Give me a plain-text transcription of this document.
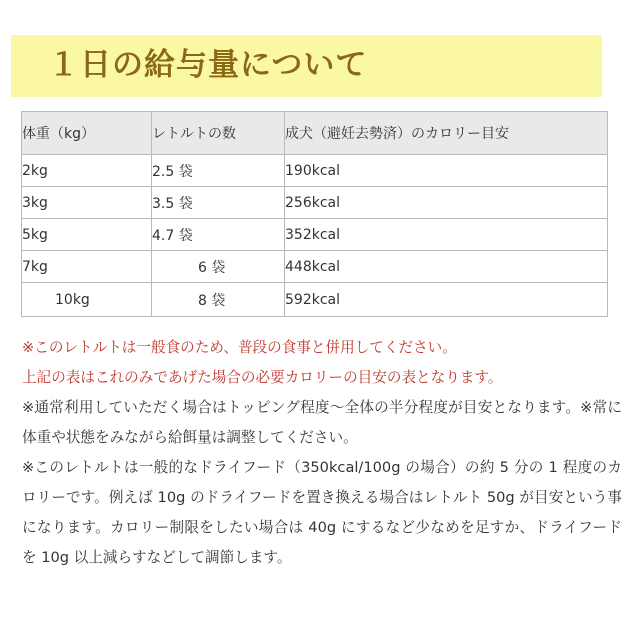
１日の給与量について
体重（kg）	レトルトの数	成犬（避妊去勢済）のカロリー目安
2kg	2.5 袋	190kcal
3kg	3.5 袋	256kcal
5kg	4.7 袋	352kcal
7kg	6 袋	448kcal
10kg	8 袋	592kcal

※このレトルトは一般食のため、普段の食事と併用してください。

上記の表はこれのみであげた場合の必要カロリーの目安の表となります。

※通常利用していただく場合はトッピング程度〜全体の半分程度が目安となります。※常に体重や状態をみながら給餌量は調整してください。

※このレトルトは一般的なドライフード（350kcal/100g の場合）の約 5 分の 1 程度のカロリーです。例えば 10g のドライフードを置き換える場合はレトルト 50g が目安という事になります。カロリー制限をしたい場合は 40g にするなど少なめを足すか、ドライフードを 10g 以上減らすなどして調節します。
